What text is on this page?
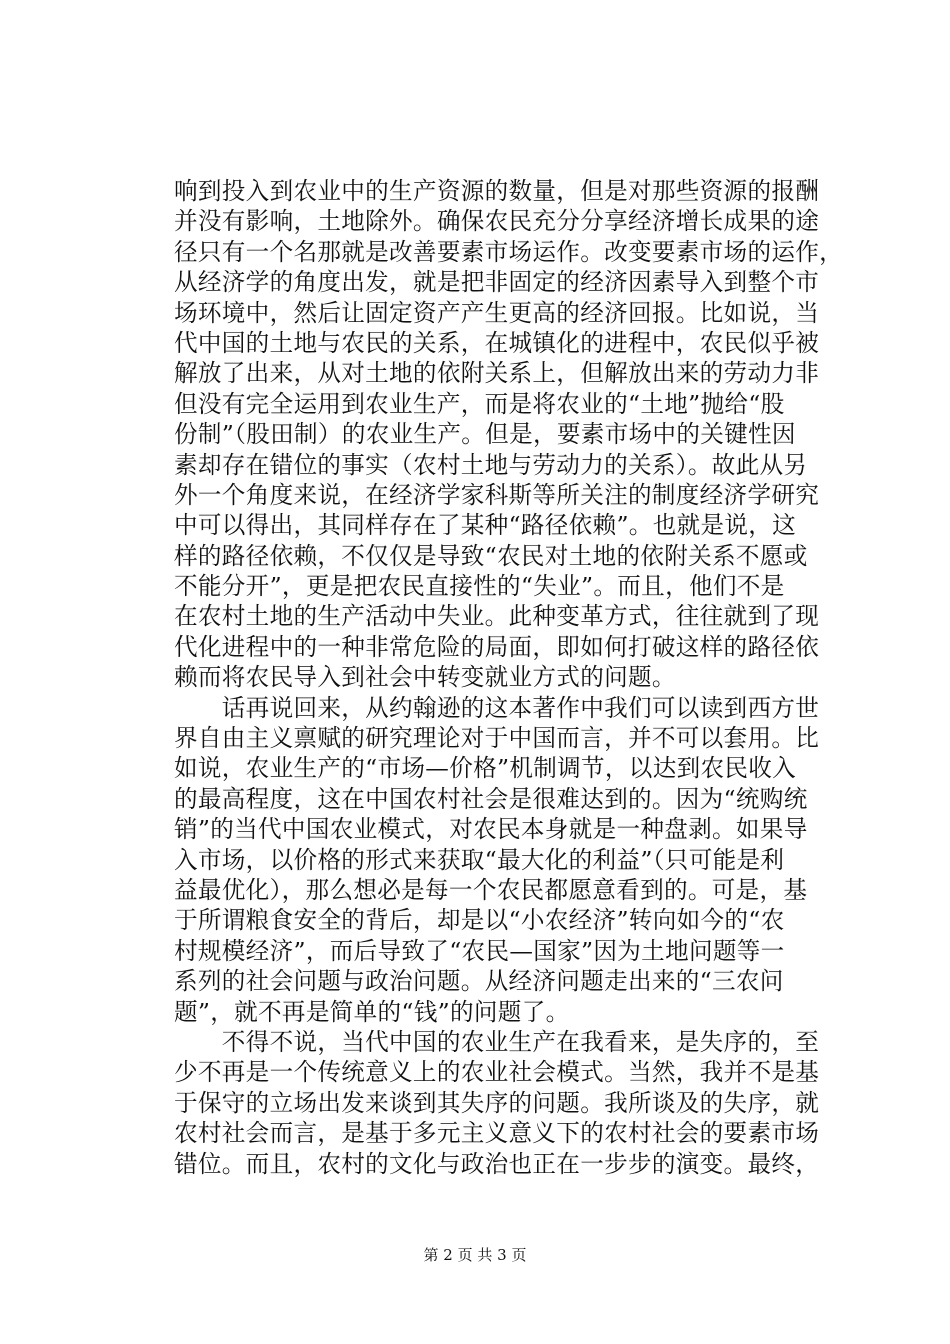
响到投入到农业中的生产资源的数量，但是对那些资源的报酬
并没有影响，土地除外。确保农民充分分享经济增长成果的途
径只有一个名那就是改善要素市场运作。改变要素市场的运作，
从经济学的角度出发，就是把非固定的经济因素导入到整个市
场环境中，然后让固定资产产生更高的经济回报。比如说，当
代中国的土地与农民的关系，在城镇化的进程中，农民似乎被
解放了出来，从对土地的依附关系上，但解放出来的劳动力非
但没有完全运用到农业生产，而是将农业的“土地”抛给“股
份制”（股田制）的农业生产。但是，要素市场中的关键性因
素却存在错位的事实（农村土地与劳动力的关系）。故此从另
外一个角度来说，在经济学家科斯等所关注的制度经济学研究
中可以得出，其同样存在了某种“路径依赖”。也就是说，这
样的路径依赖，不仅仅是导致“农民对土地的依附关系不愿或
不能分开”，更是把农民直接性的“失业”。而且，他们不是
在农村土地的生产活动中失业。此种变革方式，往往就到了现
代化进程中的一种非常危险的局面，即如何打破这样的路径依
赖而将农民导入到社会中转变就业方式的问题。
　　话再说回来，从约翰逊的这本著作中我们可以读到西方世
界自由主义禀赋的研究理论对于中国而言，并不可以套用。比
如说，农业生产的“市场—价格”机制调节，以达到农民收入
的最高程度，这在中国农村社会是很难达到的。因为“统购统
销”的当代中国农业模式，对农民本身就是一种盘剥。如果导
入市场，以价格的形式来获取“最大化的利益”（只可能是利
益最优化），那么想必是每一个农民都愿意看到的。可是，基
于所谓粮食安全的背后，却是以“小农经济”转向如今的“农
村规模经济”，而后导致了“农民—国家”因为土地问题等一
系列的社会问题与政治问题。从经济问题走出来的“三农问
题”，就不再是简单的“钱”的问题了。
　　不得不说，当代中国的农业生产在我看来，是失序的，至
少不再是一个传统意义上的农业社会模式。当然，我并不是基
于保守的立场出发来谈到其失序的问题。我所谈及的失序，就
农村社会而言，是基于多元主义意义下的农村社会的要素市场
错位。而且，农村的文化与政治也正在一步步的演变。最终，
第 2 页 共 3 页
